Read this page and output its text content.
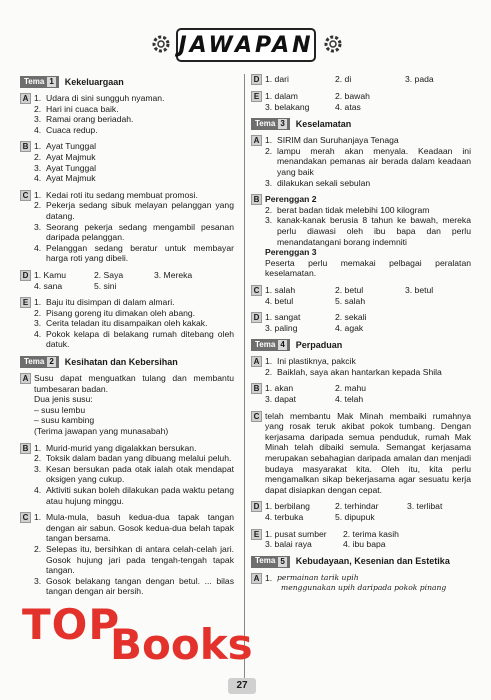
JAWAPAN
Tema 1 Kekeluargaan
A 1. Udara di sini sungguh nyaman.
2. Hari ini cuaca baik.
3. Ramai orang beriadah.
4. Cuaca redup.
B 1. Ayat Tunggal
2. Ayat Majmuk
3. Ayat Tunggal
4. Ayat Majmuk
C 1. Kedai roti itu sedang membuat promosi.
2. Pekerja sedang sibuk melayan pelanggan yang datang.
3. Seorang pekerja sedang mengambil pesanan daripada pelanggan.
4. Pelanggan sedang beratur untuk membayar harga roti yang dibeli.
D 1. Kamu	2. Saya	3. Mereka
4. sana	5. sini
E 1. Baju itu disimpan di dalam almari.
2. Pisang goreng itu dimakan oleh abang.
3. Cerita teladan itu disampaikan oleh kakak.
4. Pokok kelapa di belakang rumah ditebang oleh datuk.
Tema 2 Kesihatan dan Kebersihan
A Susu dapat menguatkan tulang dan membantu tumbesaran badan.
Dua jenis susu:
– susu lembu
– susu kambing
(Terima jawapan yang munasabah)
B 1. Murid-murid yang digalakkan bersukan.
2. Toksik dalam badan yang dibuang melalui peluh.
3. Kesan bersukan pada otak ialah otak mendapat oksigen yang cukup.
4. Aktiviti sukan boleh dilakukan pada waktu petang atau hujung minggu.
C 1. Mula-mula, basuh kedua-dua tapak tangan dengan air sabun. Gosok kedua-dua belah tapak tangan bersama.
2. Selepas itu, bersihkan di antara celah-celah jari. Gosok hujung jari pada tengah-tengah tapak tangan.
3. Gosok belakang tangan dengan betul. ... bilas tangan dengan air bersih.
D 1. dari	2. di	3. pada
E 1. dalam	2. bawah
3. belakang	4. atas
Tema 3 Keselamatan
A 1. SIRIM dan Suruhanjaya Tenaga
2. lampu merah akan menyala. Keadaan ini menandakan pemanas air berada dalam keadaan yang baik
3. dilakukan sekali sebulan
B Perenggan 2
2. berat badan tidak melebihi 100 kilogram
3. kanak-kanak berusia 8 tahun ke bawah, mereka perlu diawasi oleh ibu bapa dan perlu menandatangani borang indemniti
Perenggan 3
Peserta perlu memakai pelbagai peralatan keselamatan.
C 1. salah	2. betul	3. betul
4. betul	5. salah
D 1. sangat	2. sekali
3. paling	4. agak
Tema 4 Perpaduan
A 1. Ini plastiknya, pakcik
2. Baiklah, saya akan hantarkan kepada Shila
B 1. akan	2. mahu
3. dapat	4. telah
C telah membantu Mak Minah membaiki rumahnya yang rosak teruk akibat pokok tumbang. Dengan kerjasama daripada semua penduduk, rumah Mak Minah telah dibaiki semula. Semangat kerjasama merupakan sebahagian daripada amalan dan menjadi budaya masyarakat kita. Oleh itu, kita perlu mengamalkan sikap bekerjasama agar sesuatu kerja dapat disiapkan dengan cepat.
D 1. berbilang	2. terhindar	3. terlibat
4. terbuka	5. dipupuk
E 1. pusat sumber	2. terima kasih
3. balai raya	4. ibu bapa
Tema 5 Kebudayaan, Kesenian dan Estetika
A 1. permainan tarik upih
menggunakan upih daripada pokok pinang
TOP
Books
27
